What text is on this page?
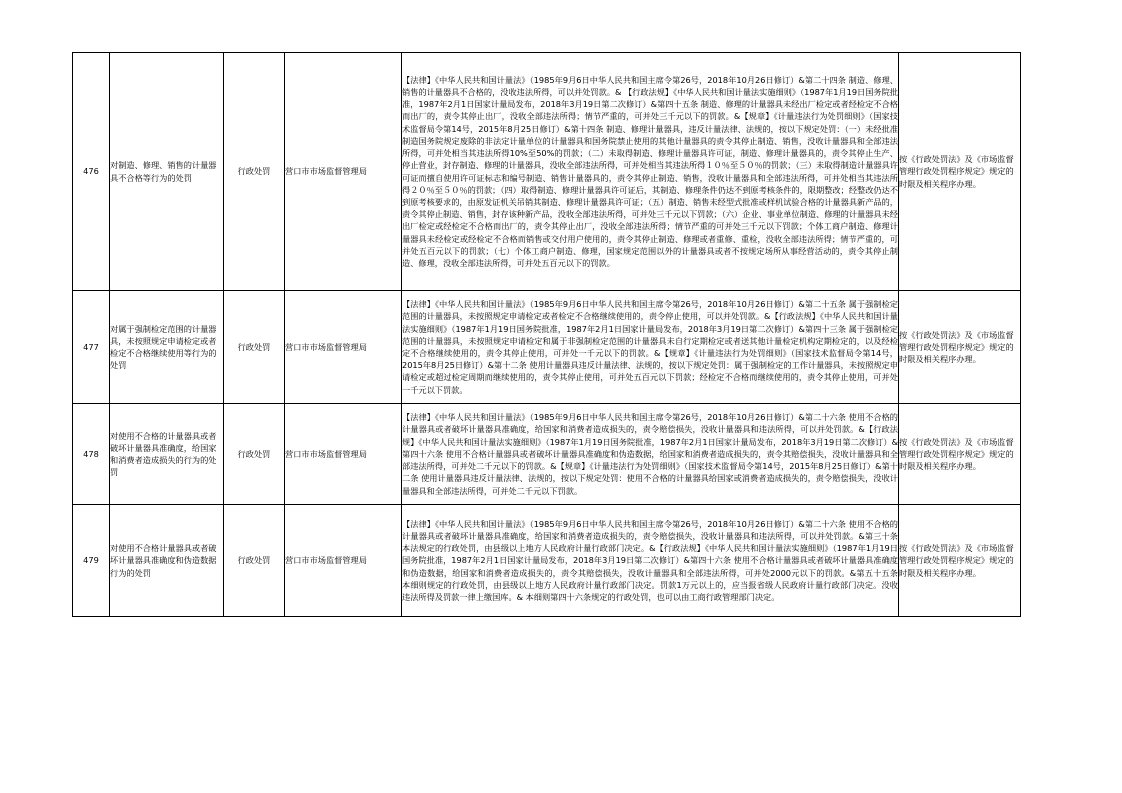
476	对制造、修理、销售的计量器具不合格等行为的处罚	行政处罚	营口市市场监督管理局	【法律】《中华人民共和国计量法》（1985年9月6日中华人民共和国主席令第26号，2018年10月26日修订）&第二十四条 制造、修理、销售的计量器具不合格的，没收违法所得，可以并处罚款。& 【行政法规】《中华人民共和国计量法实施细则》（1987年1月19日国务院批准，1987年2月1日国家计量局发布，2018年3月19日第二次修订）&第四十五条 制造、修理的计量器具未经出厂检定或者经检定不合格而出厂的，责令其停止出厂，没收全部违法所得；情节严重的，可并处三千元以下的罚款。&【规章】《计量违法行为处罚细则》（国家技术监督局令第14号，2015年8月25日修订）&第十四条 制造、修理计量器具，违反计量法律、法规的，按以下规定处罚：（一）未经批准制造国务院规定废除的非法定计量单位的计量器具和国务院禁止使用的其他计量器具的责令其停止制造、销售，没收计量器具和全部违法所得，可并处相当其违法所得10%至50%的罚款；（二）未取得制造、修理计量器具许可证，制造、修理计量器具的，责令其停止生产、停止营业，封存制造、修理的计量器具，没收全部违法所得，可并处相当其违法所得１０％至５０％的罚款；（三）未取得制造计量器具许可证而擅自使用许可证标志和编号制造、销售计量器具的，责令其停止制造、销售，没收计量器具和全部违法所得，可并处相当其违法所得２０％至５０％的罚款；（四）取得制造、修理计量器具许可证后，其制造、修理条件仍达不到原考核条件的，限期整改；经整改仍达不到原考核要求的，由原发证机关吊销其制造、修理计量器具许可证；（五）制造、销售未经型式批准或样机试验合格的计量器具新产品的，责令其停止制造、销售，封存该种新产品，没收全部违法所得，可并处三千元以下罚款；（六）企业、事业单位制造、修理的计量器具未经出厂检定或经检定不合格而出厂的，责令其停止出厂，没收全部违法所得；情节严重的可并处三千元以下罚款；个体工商户制造、修理计量器具未经检定或经检定不合格而销售或交付用户使用的，责令其停止制造、修理或者重修、重检，没收全部违法所得；情节严重的，可并处五百元以下的罚款；（七）个体工商户制造、修理，国家规定范围以外的计量器具或者不按规定场所从事经营活动的，责令其停止制造、修理，没收全部违法所得，可并处五百元以下的罚款。	按《行政处罚法》及《市场监督管理行政处罚程序规定》规定的时限及相关程序办理。
477	对属于强制检定范围的计量器具，未按照规定申请检定或者检定不合格继续使用等行为的处罚	行政处罚	营口市市场监督管理局	【法律】《中华人民共和国计量法》（1985年9月6日中华人民共和国主席令第26号，2018年10月26日修订）&第二十五条 属于强制检定范围的计量器具，未按照规定申请检定或者检定不合格继续使用的，责令停止使用，可以并处罚款。&【行政法规】《中华人民共和国计量法实施细则》（1987年1月19日国务院批准，1987年2月1日国家计量局发布，2018年3月19日第二次修订）&第四十三条 属于强制检定范围的计量器具，未按照规定申请检定和属于非强制检定范围的计量器具未自行定期检定或者送其他计量检定机构定期检定的，以及经检定不合格继续使用的，责令其停止使用，可并处一千元以下的罚款。&【规章】《计量违法行为处罚细则》（国家技术监督局令第14号，2015年8月25日修订）&第十二条 使用计量器具违反计量法律、法规的，按以下规定处罚：属于强制检定的工作计量器具，未按照规定申请检定或超过检定周期而继续使用的，责令其停止使用，可并处五百元以下罚款；经检定不合格而继续使用的，责令其停止使用，可并处一千元以下罚款。	按《行政处罚法》及《市场监督管理行政处罚程序规定》规定的时限及相关程序办理。
478	对使用不合格的计量器具或者破坏计量器具准确度，给国家和消费者造成损失的行为的处罚	行政处罚	营口市市场监督管理局	【法律】《中华人民共和国计量法》（1985年9月6日中华人民共和国主席令第26号，2018年10月26日修订）&第二十六条 使用不合格的计量器具或者破坏计量器具准确度，给国家和消费者造成损失的，责令赔偿损失，没收计量器具和违法所得，可以并处罚款。&【行政法规】《中华人民共和国计量法实施细则》（1987年1月19日国务院批准，1987年2月1日国家计量局发布，2018年3月19日第二次修订）&第四十六条 使用不合格计量器具或者破坏计量器具准确度和伪造数据，给国家和消费者造成损失的，责令其赔偿损失，没收计量器具和全部违法所得，可并处二千元以下的罚款。&【规章】《计量违法行为处罚细则》（国家技术监督局令第14号，2015年8月25日修订）&第十二条 使用计量器具违反计量法律、法规的，按以下规定处罚：使用不合格的计量器具给国家或消费者造成损失的，责令赔偿损失，没收计量器具和全部违法所得，可并处二千元以下罚款。	按《行政处罚法》及《市场监督管理行政处罚程序规定》规定的时限及相关程序办理。
479	对使用不合格计量器具或者破坏计量器具准确度和伪造数据行为的处罚	行政处罚	营口市市场监督管理局	【法律】《中华人民共和国计量法》（1985年9月6日中华人民共和国主席令第26号，2018年10月26日修订）&第二十六条 使用不合格的计量器具或者破坏计量器具准确度，给国家和消费者造成损失的，责令赔偿损失，没收计量器具和违法所得，可以并处罚款。&第三十条 本法规定的行政处罚，由县级以上地方人民政府计量行政部门决定。&【行政法规】《中华人民共和国计量法实施细则》（1987年1月19日国务院批准，1987年2月1日国家计量局发布，2018年3月19日第二次修订）&第四十六条 使用不合格计量器具或者破坏计量器具准确度和伪造数据，给国家和消费者造成损失的，责令其赔偿损失，没收计量器具和全部违法所得，可并处2000元以下的罚款。&第五十五条 本细则规定的行政处罚，由县级以上地方人民政府计量行政部门决定。罚款1万元以上的，应当报省级人民政府计量行政部门决定。没收违法所得及罚款一律上缴国库。& 本细则第四十六条规定的行政处罚，也可以由工商行政管理部门决定。	按《行政处罚法》及《市场监督管理行政处罚程序规定》规定的时限及相关程序办理。
